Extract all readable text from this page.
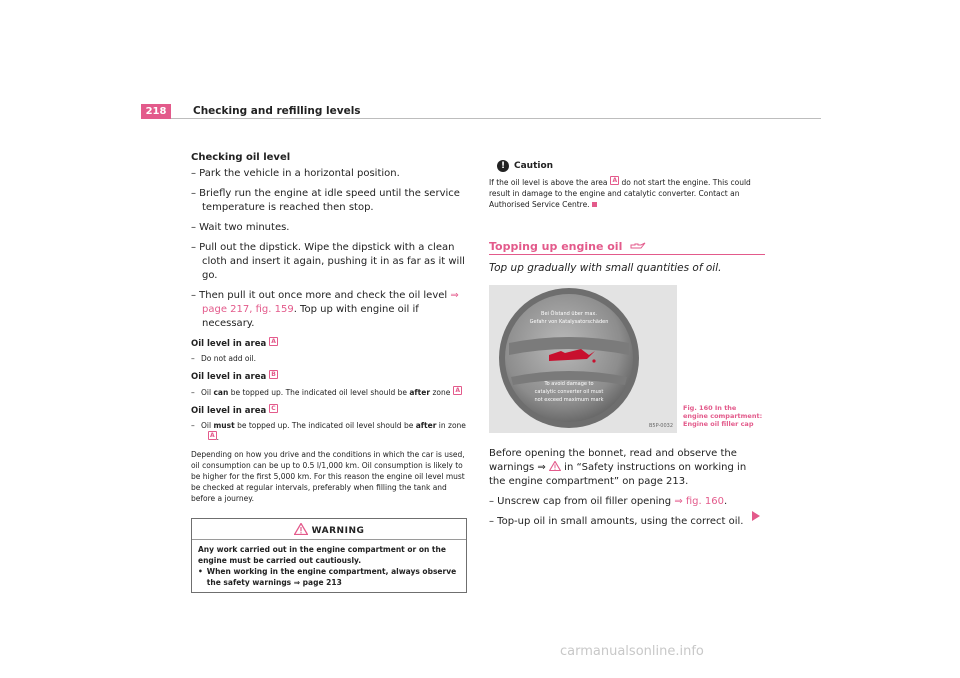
218	Checking and refilling levels
Checking oil level
– Park the vehicle in a horizontal position.
– Briefly run the engine at idle speed until the service temperature is reached then stop.
– Wait two minutes.
– Pull out the dipstick. Wipe the dipstick with a clean cloth and insert it again, pushing it in as far as it will go.
– Then pull it out once more and check the oil level ⇒ page 217, fig. 159. Top up with engine oil if necessary.
Oil level in area A
– Do not add oil.
Oil level in area B
– Oil can be topped up. The indicated oil level should be after zone A
Oil level in area C
– Oil must be topped up. The indicated oil level should be after in zoneA .
Depending on how you drive and the conditions in which the car is used, oil consumption can be up to 0.5 l/1,000 km. Oil consumption is likely to be higher for the first 5,000 km. For this reason the engine oil level must be checked at regular intervals, preferably when filling the tank and before a journey.
WARNING
Any work carried out in the engine compartment or on the engine must be carried out cautiously.
• When working in the engine compartment, always observe the safety warnings ⇒ page 213
! Caution
If the oil level is above the area A do not start the engine. This could result in damage to the engine and catalytic converter. Contact an Authorised Service Centre.
Topping up engine oil
Top up gradually with small quantities of oil.
Bei Ölstand über max.
Gefahr von Katalysatorschäden
To avoid damage to
catalytic converter oil must
not exceed maximum mark
B5P-0032
Fig. 160 In the engine compartment: Engine oil filler cap
Before opening the bonnet, read and observe the warnings ⇒  in “Safety instructions on working in the engine compartment” on page 213.
– Unscrew cap from oil filler opening ⇒ fig. 160.
– Top-up oil in small amounts, using the correct oil.
carmanualsonline.info
